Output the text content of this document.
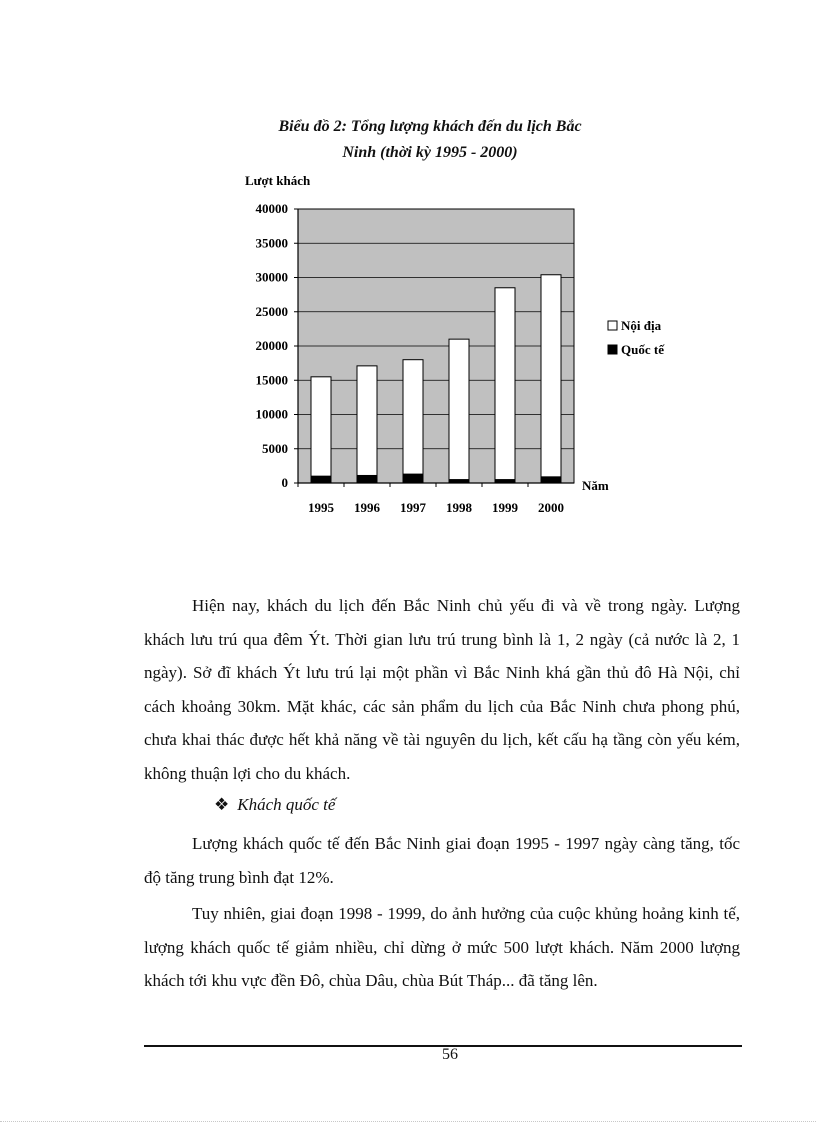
Biểu đồ 2: Tổng lượng khách đến du lịch Bắc
Ninh (thời kỳ 1995 - 2000)
0
5000
10000
15000
20000
25000
30000
35000
40000
1995 1996 1997 1998 1999 2000
Lượt khách
Năm
Nội địa
Quốc tế
Hiện nay, khách du lịch đến Bắc Ninh chủ yếu đi và về trong ngày. Lượng khách lưu trú qua đêm Ýt. Thời gian lưu trú trung bình là 1, 2 ngày (cả nước là 2, 1 ngày). Sở đĩ khách Ýt lưu trú lại một phần vì Bắc Ninh khá gần thủ đô Hà Nội, chỉ cách khoảng 30km. Mặt khác, các sản phẩm du lịch của Bắc Ninh chưa phong phú, chưa khai thác được hết khả năng về tài nguyên du lịch, kết cấu hạ tầng còn yếu kém, không thuận lợi cho du khách.
❖ Khách quốc tế
Lượng khách quốc tế đến Bắc Ninh giai đoạn 1995 - 1997 ngày càng tăng, tốc độ tăng trung bình đạt 12%.
Tuy nhiên, giai đoạn 1998 - 1999, do ảnh hưởng của cuộc khủng hoảng kinh tế, lượng khách quốc tế giảm nhiều, chỉ dừng ở mức 500 lượt khách. Năm 2000 lượng khách tới khu vực đền Đô, chùa Dâu, chùa Bút Tháp... đã tăng lên.
56
